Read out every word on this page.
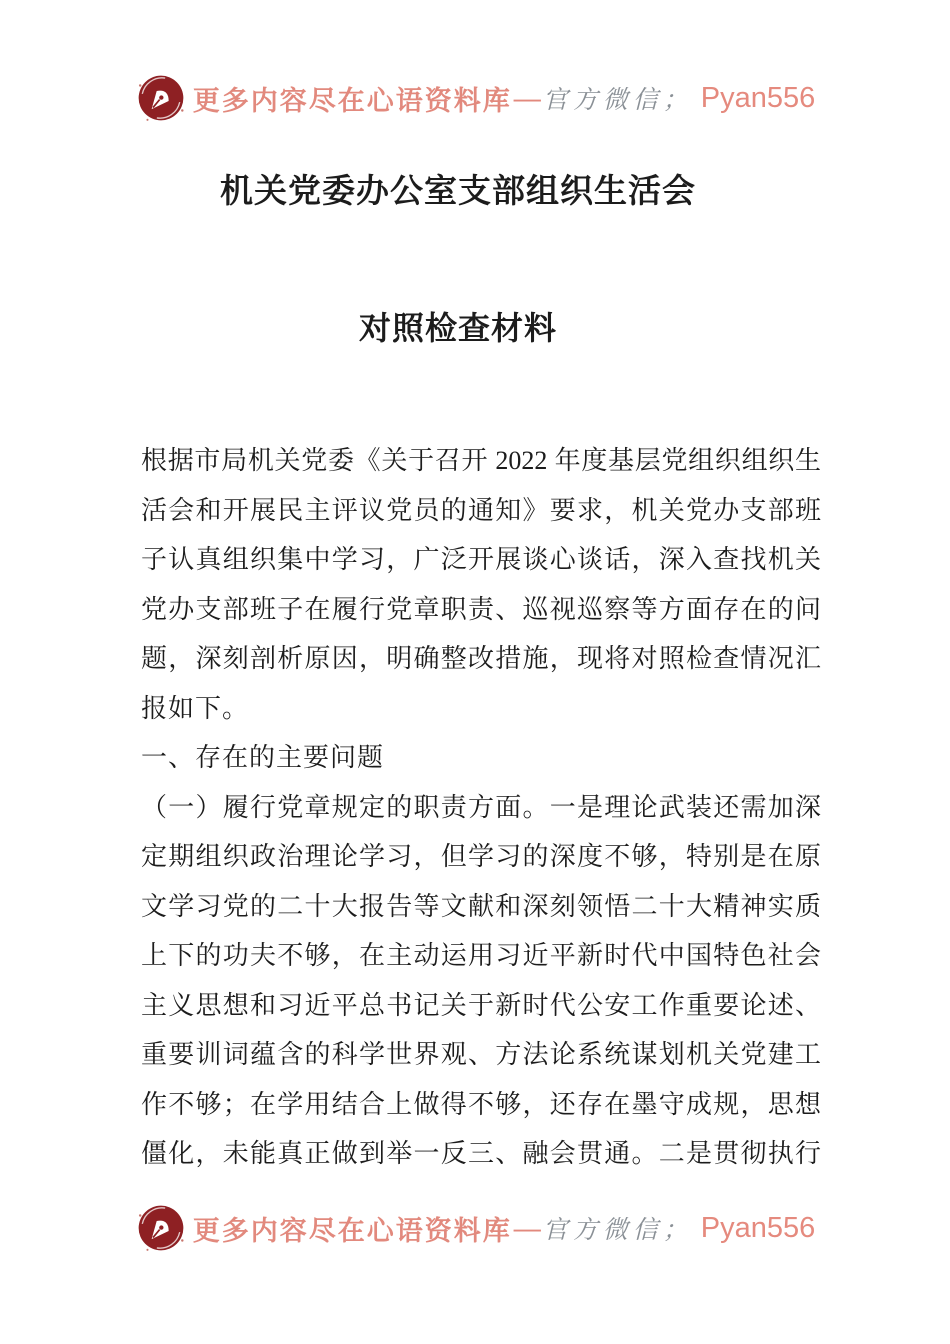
更多内容尽在心语资料库 — 官方微信； Pyan556
机关党委办公室支部组织生活会
对照检查材料
根据市局机关党委《关于召开 2022 年度基层党组织组织生
活会和开展民主评议党员的通知》要求，机关党办支部班
子认真组织集中学习，广泛开展谈心谈话，深入查找机关
党办支部班子在履行党章职责、巡视巡察等方面存在的问
题，深刻剖析原因，明确整改措施，现将对照检查情况汇
报如下。
一、存在的主要问题
（一）履行党章规定的职责方面。一是理论武装还需加深
定期组织政治理论学习，但学习的深度不够，特别是在原
文学习党的二十大报告等文献和深刻领悟二十大精神实质
上下的功夫不够，在主动运用习近平新时代中国特色社会
主义思想和习近平总书记关于新时代公安工作重要论述、
重要训词蕴含的科学世界观、方法论系统谋划机关党建工
作不够；在学用结合上做得不够，还存在墨守成规，思想
僵化，未能真正做到举一反三、融会贯通。二是贯彻执行
更多内容尽在心语资料库 — 官方微信； Pyan556
